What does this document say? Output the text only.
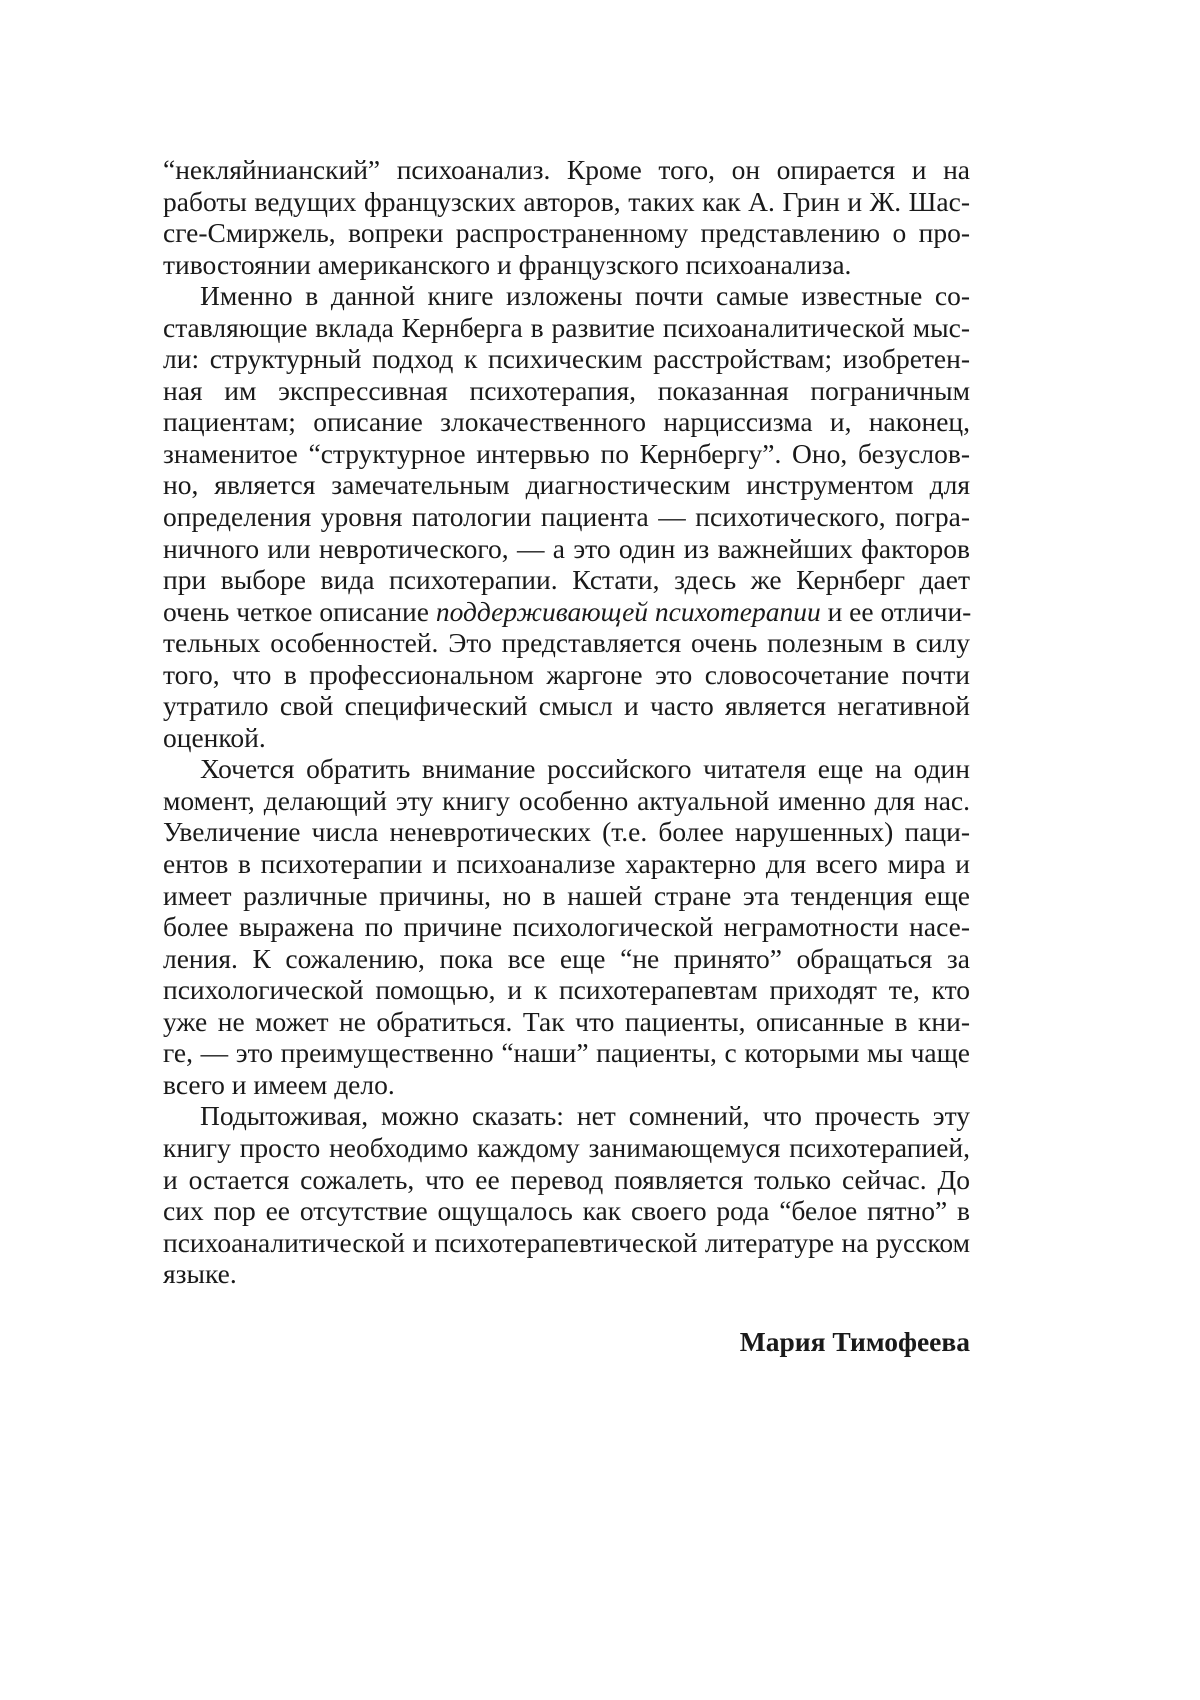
“некляйнианский” психоанализ. Кроме того, он опирается и на
работы ведущих французских авторов, таких как А. Грин и Ж. Шас-
сге-Смиржель, вопреки распространенному представлению о про-
тивостоянии американского и французского психоанализа.
Именно в данной книге изложены почти самые известные со-
ставляющие вклада Кернберга в развитие психоаналитической мыс-
ли: структурный подход к психическим расстройствам; изобретен-
ная им экспрессивная психотерапия, показанная пограничным
пациентам; описание злокачественного нарциссизма и, наконец,
знаменитое “структурное интервью по Кернбергу”. Оно, безуслов-
но, является замечательным диагностическим инструментом для
определения уровня патологии пациента — психотического, погра-
ничного или невротического, — а это один из важнейших факторов
при выборе вида психотерапии. Кстати, здесь же Кернберг дает
очень четкое описание поддерживающей психотерапии и ее отличи-
тельных особенностей. Это представляется очень полезным в силу
того, что в профессиональном жаргоне это словосочетание почти
утратило свой специфический смысл и часто является негативной
оценкой.
Хочется обратить внимание российского читателя еще на один
момент, делающий эту книгу особенно актуальной именно для нас.
Увеличение числа неневротических (т.е. более нарушенных) паци-
ентов в психотерапии и психоанализе характерно для всего мира и
имеет различные причины, но в нашей стране эта тенденция еще
более выражена по причине психологической неграмотности насе-
ления. К сожалению, пока все еще “не принято” обращаться за
психологической помощью, и к психотерапевтам приходят те, кто
уже не может не обратиться. Так что пациенты, описанные в кни-
ге, — это преимущественно “наши” пациенты, с которыми мы чаще
всего и имеем дело.
Подытоживая, можно сказать: нет сомнений, что прочесть эту
книгу просто необходимо каждому занимающемуся психотерапией,
и остается сожалеть, что ее перевод появляется только сейчас. До
сих пор ее отсутствие ощущалось как своего рода “белое пятно” в
психоаналитической и психотерапевтической литературе на русском
языке.
Мария Тимофеева
